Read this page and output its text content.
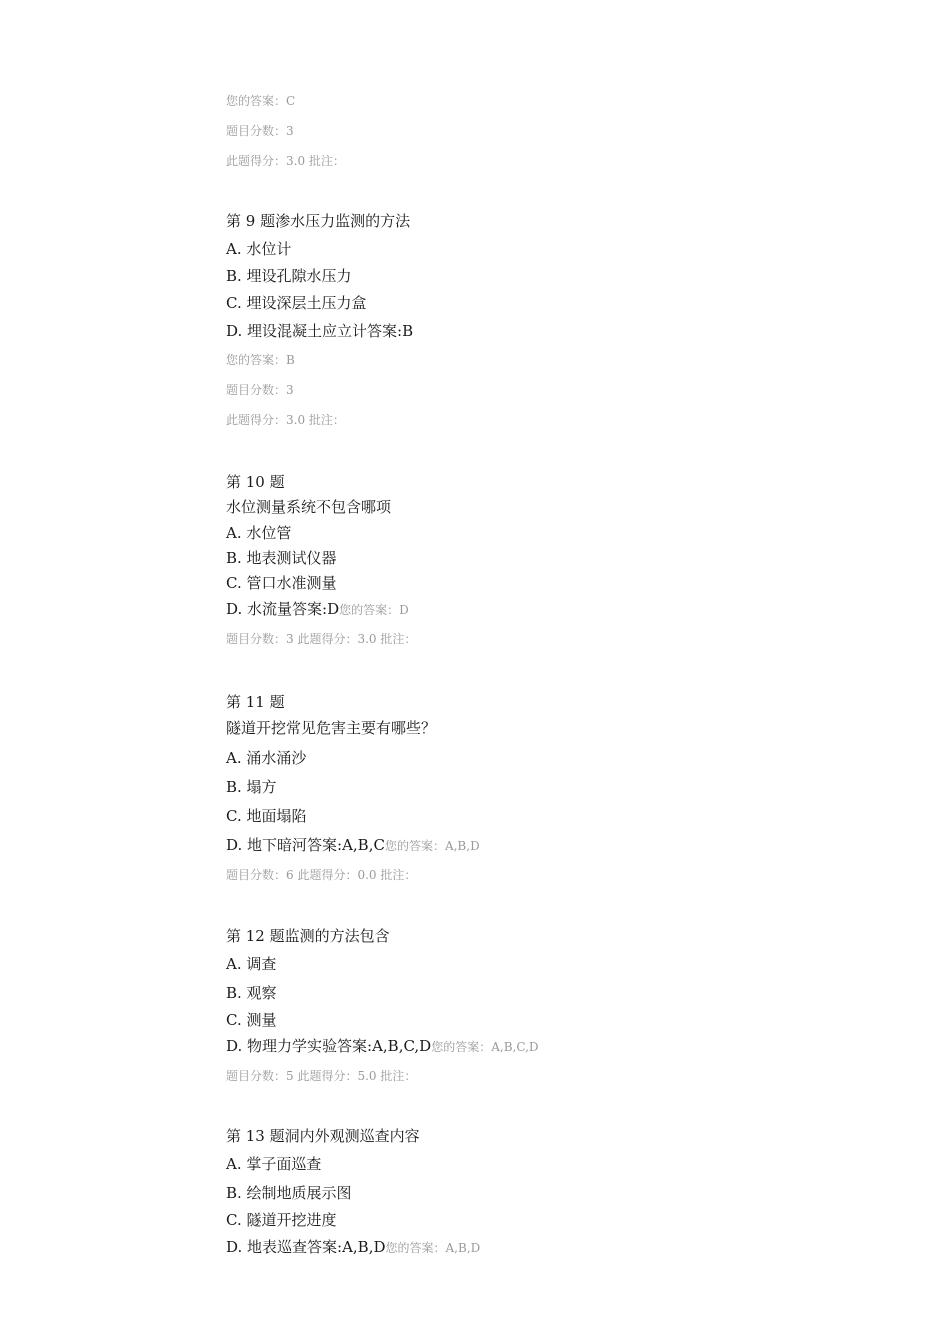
您的答案：C
题目分数：3
此题得分：3.0 批注：
第 9 题渗水压力监测的方法
A. 水位计
B. 埋设孔隙水压力
C. 埋设深层土压力盒
D. 埋设混凝土应立计答案:B
您的答案：B
题目分数：3
此题得分：3.0 批注：
第 10 题
水位测量系统不包含哪项
A. 水位管
B. 地表测试仪器
C. 管口水准测量
D. 水流量答案:D您的答案：D
题目分数：3 此题得分：3.0 批注：
第 11 题
隧道开挖常见危害主要有哪些？
A. 涌水涌沙
B. 塌方
C. 地面塌陷
D. 地下暗河答案:A,B,C您的答案：A,B,D
题目分数：6 此题得分：0.0 批注：
第 12 题监测的方法包含
A. 调查
B. 观察
C. 测量
D. 物理力学实验答案:A,B,C,D您的答案：A,B,C,D
题目分数：5 此题得分：5.0 批注：
第 13 题洞内外观测巡查内容
A. 掌子面巡查
B. 绘制地质展示图
C. 隧道开挖进度
D. 地表巡查答案:A,B,D您的答案：A,B,D
